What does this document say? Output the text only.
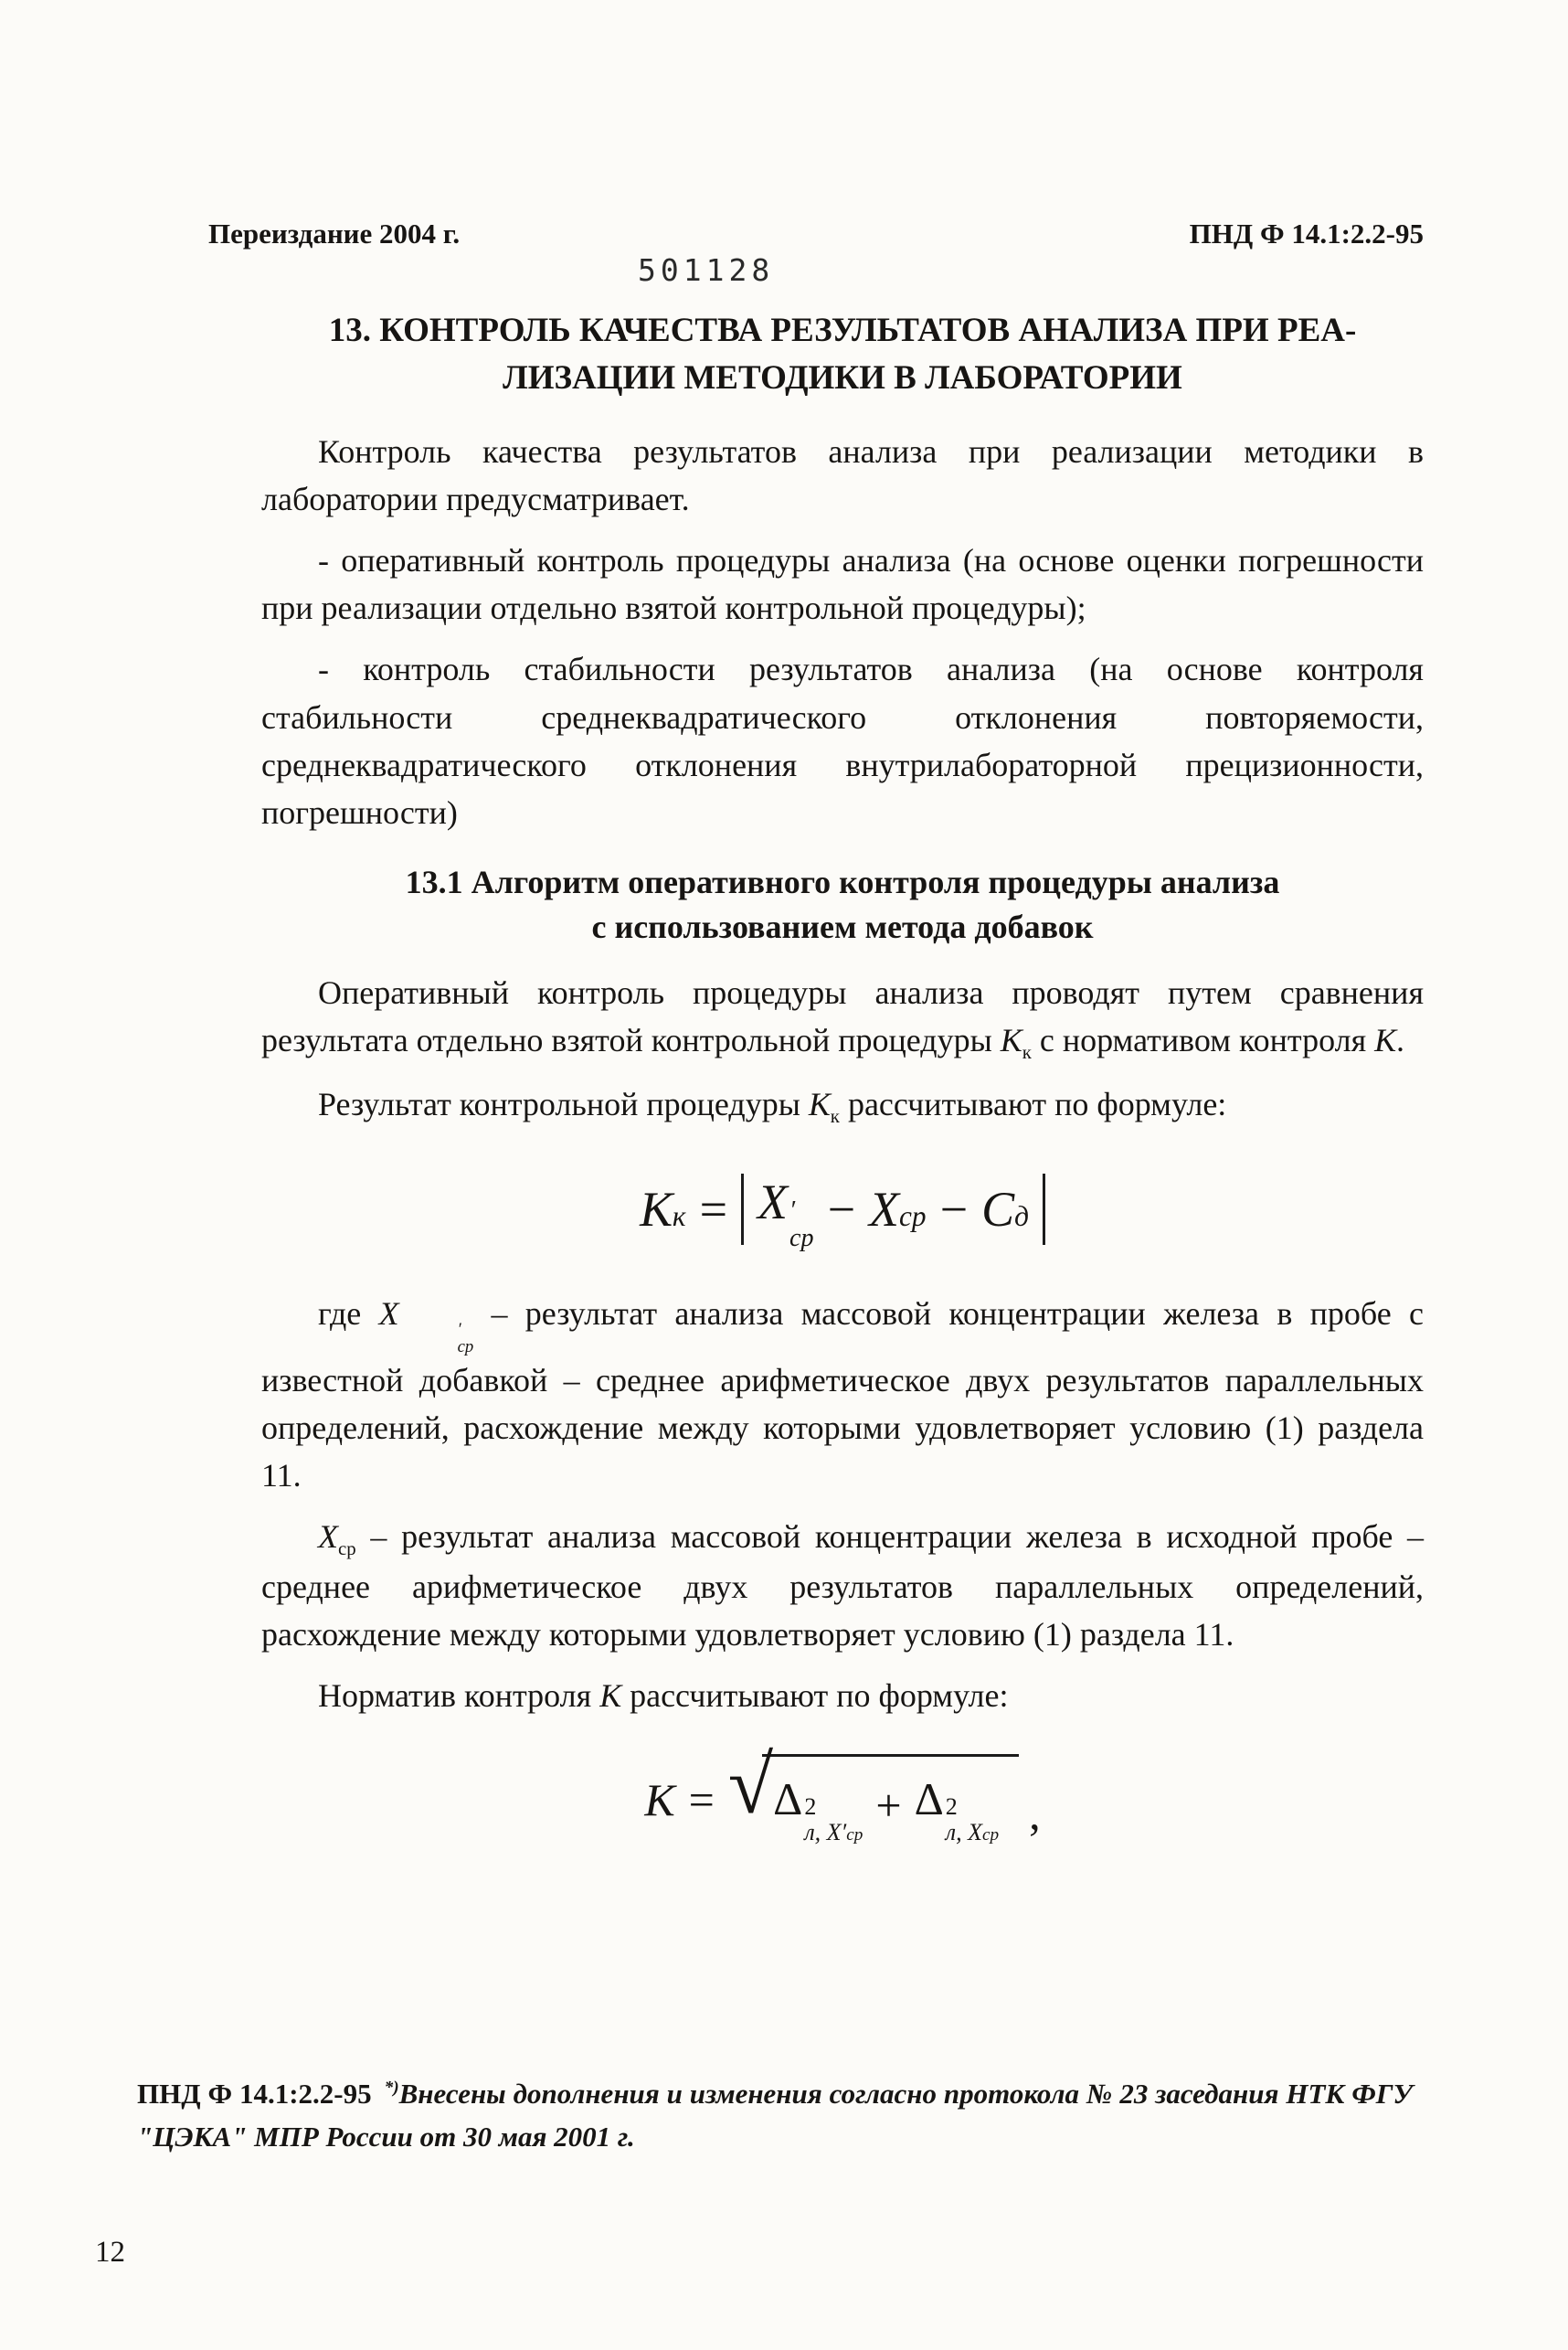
Переиздание 2004 г.	ПНД Ф 14.1:2.2-95
501128
13. КОНТРОЛЬ КАЧЕСТВА РЕЗУЛЬТАТОВ АНАЛИЗА ПРИ РЕА-
ЛИЗАЦИИ МЕТОДИКИ В ЛАБОРАТОРИИ

Контроль качества результатов анализа при реализации методики в лаборатории предусматривает.

- оперативный контроль процедуры анализа (на основе оценки погрешности при реализации отдельно взятой контрольной процедуры);

- контроль стабильности результатов анализа (на основе контроля стабильности среднеквадратического отклонения повторяемости, среднеквадратического отклонения внутрилабораторной прецизионности, погрешности)

13.1 Алгоритм оперативного контроля процедуры анализа
с использованием метода добавок

Оперативный контроль процедуры анализа проводят путем сравнения результата отдельно взятой контрольной процедуры $К_к$ с нормативом контроля К.

Результат контрольной процедуры $К_к$ рассчитывают по формуле:

К к = X ′
ср
− X ср − С д

где X	′
ср
– результат анализа массовой концентрации железа в пробе с известной добавкой – среднее арифметическое двух результатов параллельных определений, расхождение между которыми удовлетворяет условию (1) раздела 11.

$X_{ср}$ – результат анализа массовой концентрации железа в исходной пробе – среднее арифметическое двух результатов параллельных определений, расхождение между которыми удовлетворяет условию (1) раздела 11.

Норматив контроля К рассчитывают по формуле:

К = √ Δ 2
л, X′ср
+ Δ 2
л, Xср ,
ПНД Ф 14.1:2.2-95 *)Внесены дополнения и изменения согласно протокола № 23 заседания НТК ФГУ "ЦЭКА" МПР России от 30 мая 2001 г.
12
